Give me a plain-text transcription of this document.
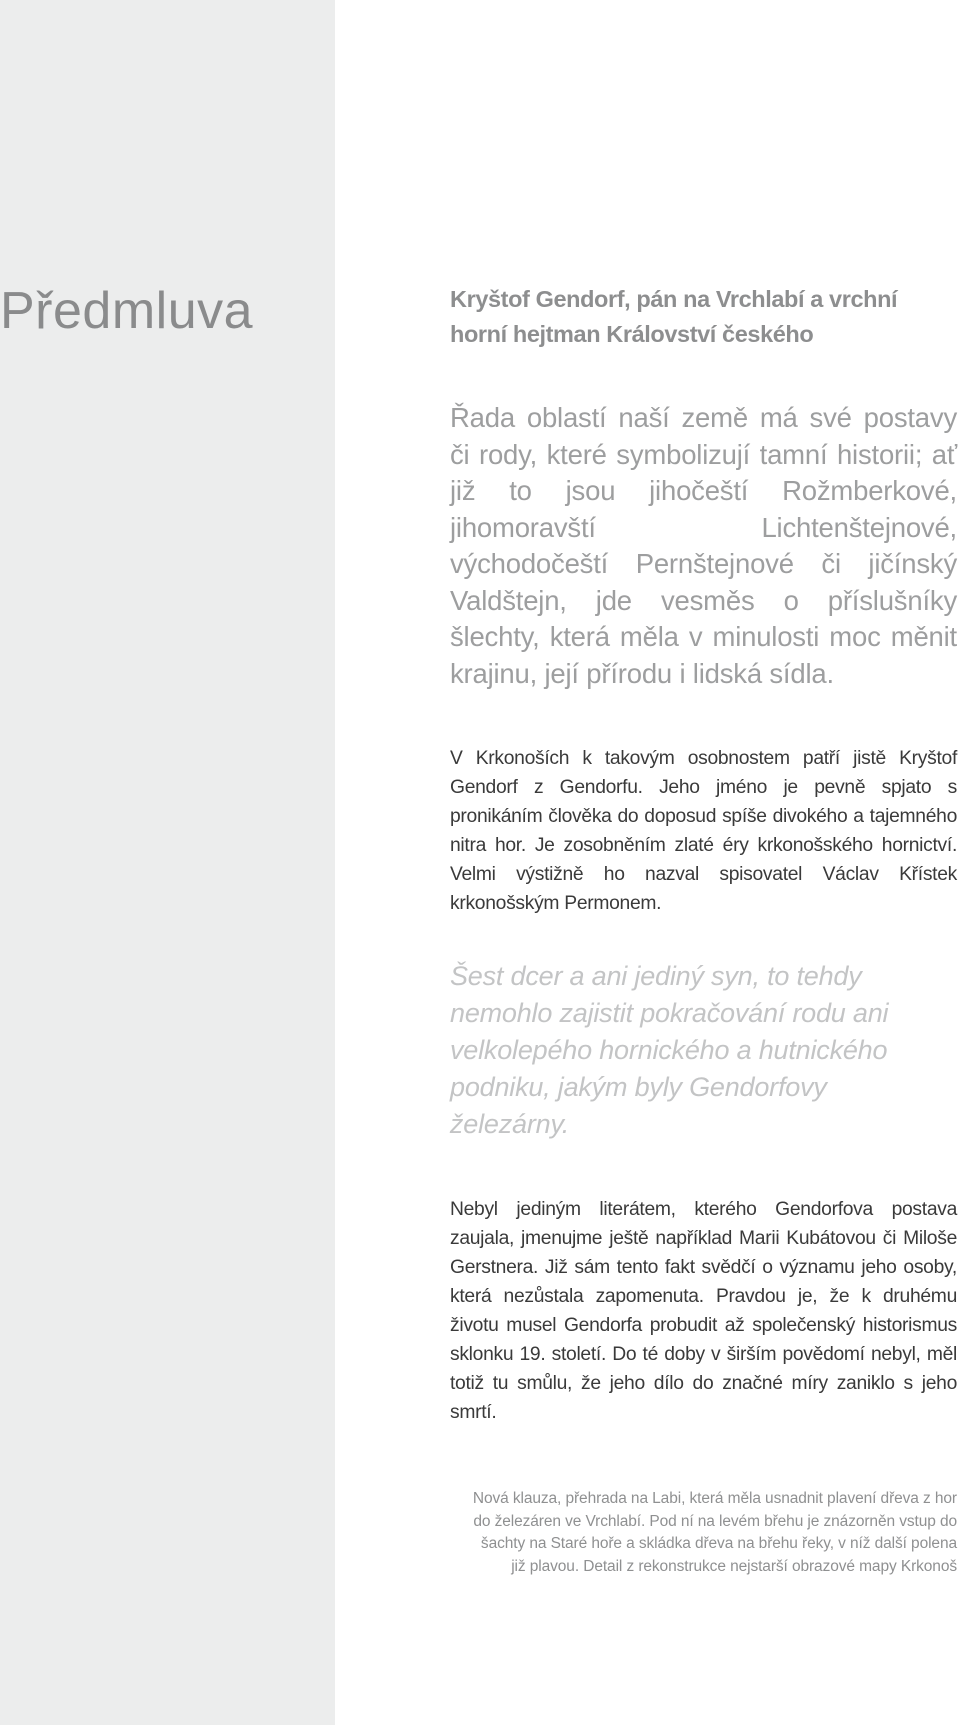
Předmluva	Kryštof Gendorf, pán na Vrchlabí a vrchní horní hejtman Království českého

Řada oblastí naší země má své postavy či rody, které symbolizují tamní historii; ať již to jsou jihočeští Rožmberkové, jihomoravští Lichtenštejnové, východočeští Pernštejnové či jičínský Valdštejn, jde vesměs o příslušníky šlechty, která měla v minulosti moc měnit krajinu, její přírodu i lidská sídla.

V Krkonoších k takovým osobnostem patří jistě Kryštof Gendorf z Gendorfu. Jeho jméno je pevně spjato s pronikáním člověka do doposud spíše divokého a tajemného nitra hor. Je zosobněním zlaté éry krkonošského hornictví. Velmi výstižně ho nazval spisovatel Václav Křístek krkonošským Permonem.

Šest dcer a ani jediný syn, to tehdy nemohlo zajistit pokračování rodu ani velkolepého hornického a hutnického podniku, jakým byly Gendorfovy železárny.

Nebyl jediným literátem, kterého Gendorfova postava zaujala, jmenujme ještě například Marii Kubátovou či Miloše Gerstnera. Již sám tento fakt svědčí o významu jeho osoby, která nezůstala zapomenuta. Pravdou je, že k druhému životu musel Gendorfa probudit až společenský historismus sklonku 19. století. Do té doby v širším povědomí nebyl, měl totiž tu smůlu, že jeho dílo do značné míry zaniklo s jeho smrtí.

Nová klauza, přehrada na Labi, která měla usnadnit plavení dřeva z hor do železáren ve Vrchlabí. Pod ní na levém břehu je znázorněn vstup do šachty na Staré hoře a skládka dřeva na břehu řeky, v níž další polena již plavou. Detail z rekonstrukce nejstarší obrazové mapy Krkonoš
